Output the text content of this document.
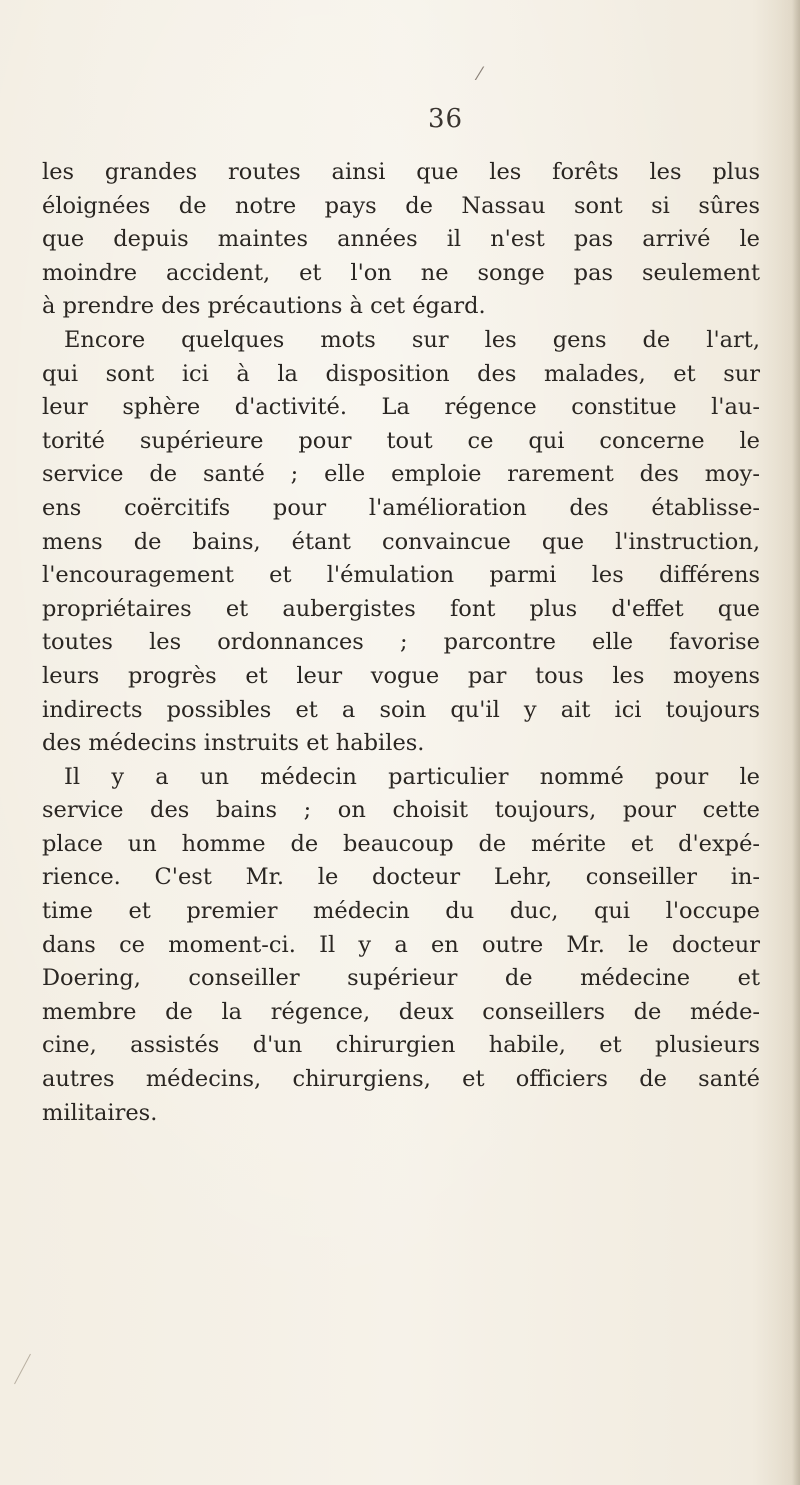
⁄
36
les grandes routes ainsi que les forêts les plus
éloignées de notre pays de Nassau sont si sûres
que depuis maintes années il n'est pas arrivé le
moindre accident, et l'on ne songe pas seulement
à prendre des précautions à cet égard.
Encore quelques mots sur les gens de l'art,
qui sont ici à la disposition des malades, et sur
leur sphère d'activité. La régence constitue l'au-
torité supérieure pour tout ce qui concerne le
service de santé ; elle emploie rarement des moy-
ens coërcitifs pour l'amélioration des établisse-
mens de bains, étant convaincue que l'instruction,
l'encouragement et l'émulation parmi les différens
propriétaires et aubergistes font plus d'effet que
toutes les ordonnances ; parcontre elle favorise
leurs progrès et leur vogue par tous les moyens
indirects possibles et a soin qu'il y ait ici toujours
des médecins instruits et habiles.
Il y a un médecin particulier nommé pour le
service des bains ; on choisit toujours, pour cette
place un homme de beaucoup de mérite et d'expé-
rience. C'est Mr. le docteur Lehr, conseiller in-
time et premier médecin du duc, qui l'occupe
dans ce moment-ci. Il y a en outre Mr. le docteur
Doering, conseiller supérieur de médecine et
membre de la régence, deux conseillers de méde-
cine, assistés d'un chirurgien habile, et plusieurs
autres médecins, chirurgiens, et officiers de santé
militaires.
